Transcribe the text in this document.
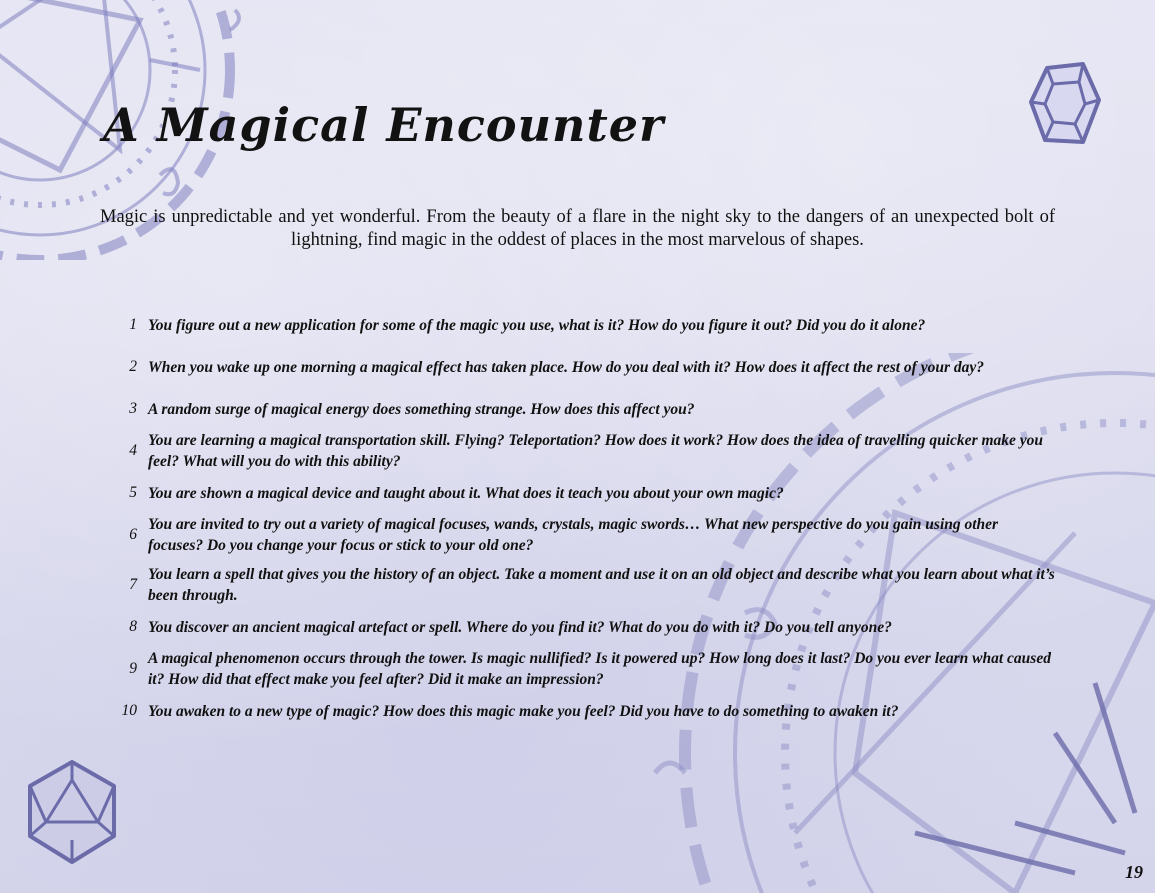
A Magical Encounter

Magic is unpredictable and yet wonderful. From the beauty of a flare in the night sky to the dangers of an unexpected bolt of lightning, find magic in the oddest of places in the most marvelous of shapes.

1 You figure out a new application for some of the magic you use, what is it? How do you figure it out? Did you do it alone?
2 When you wake up one morning a magical effect has taken place. How do you deal with it? How does it affect the rest of your day?
3 A random surge of magical energy does something strange. How does this affect you?
4
You are learning a magical transportation skill. Flying? Teleportation? How does it work? How does the idea of travelling quicker make you feel? What will you do with this ability?
5 You are shown a magical device and taught about it. What does it teach you about your own magic?
6
You are invited to try out a variety of magical focuses, wands, crystals, magic swords… What new perspective do you gain using other focuses? Do you change your focus or stick to your old one?
7
You learn a spell that gives you the history of an object. Take a moment and use it on an old object and describe what you learn about what it’s been through.
8 You discover an ancient magical artefact or spell. Where do you find it? What do you do with it? Do you tell anyone?
9
A magical phenomenon occurs through the tower. Is magic nullified? Is it powered up? How long does it last? Do you ever learn what caused it? How did that effect make you feel after? Did it make an impression?
10 You awaken to a new type of magic? How does this magic make you feel? Did you have to do something to awaken it?
19
